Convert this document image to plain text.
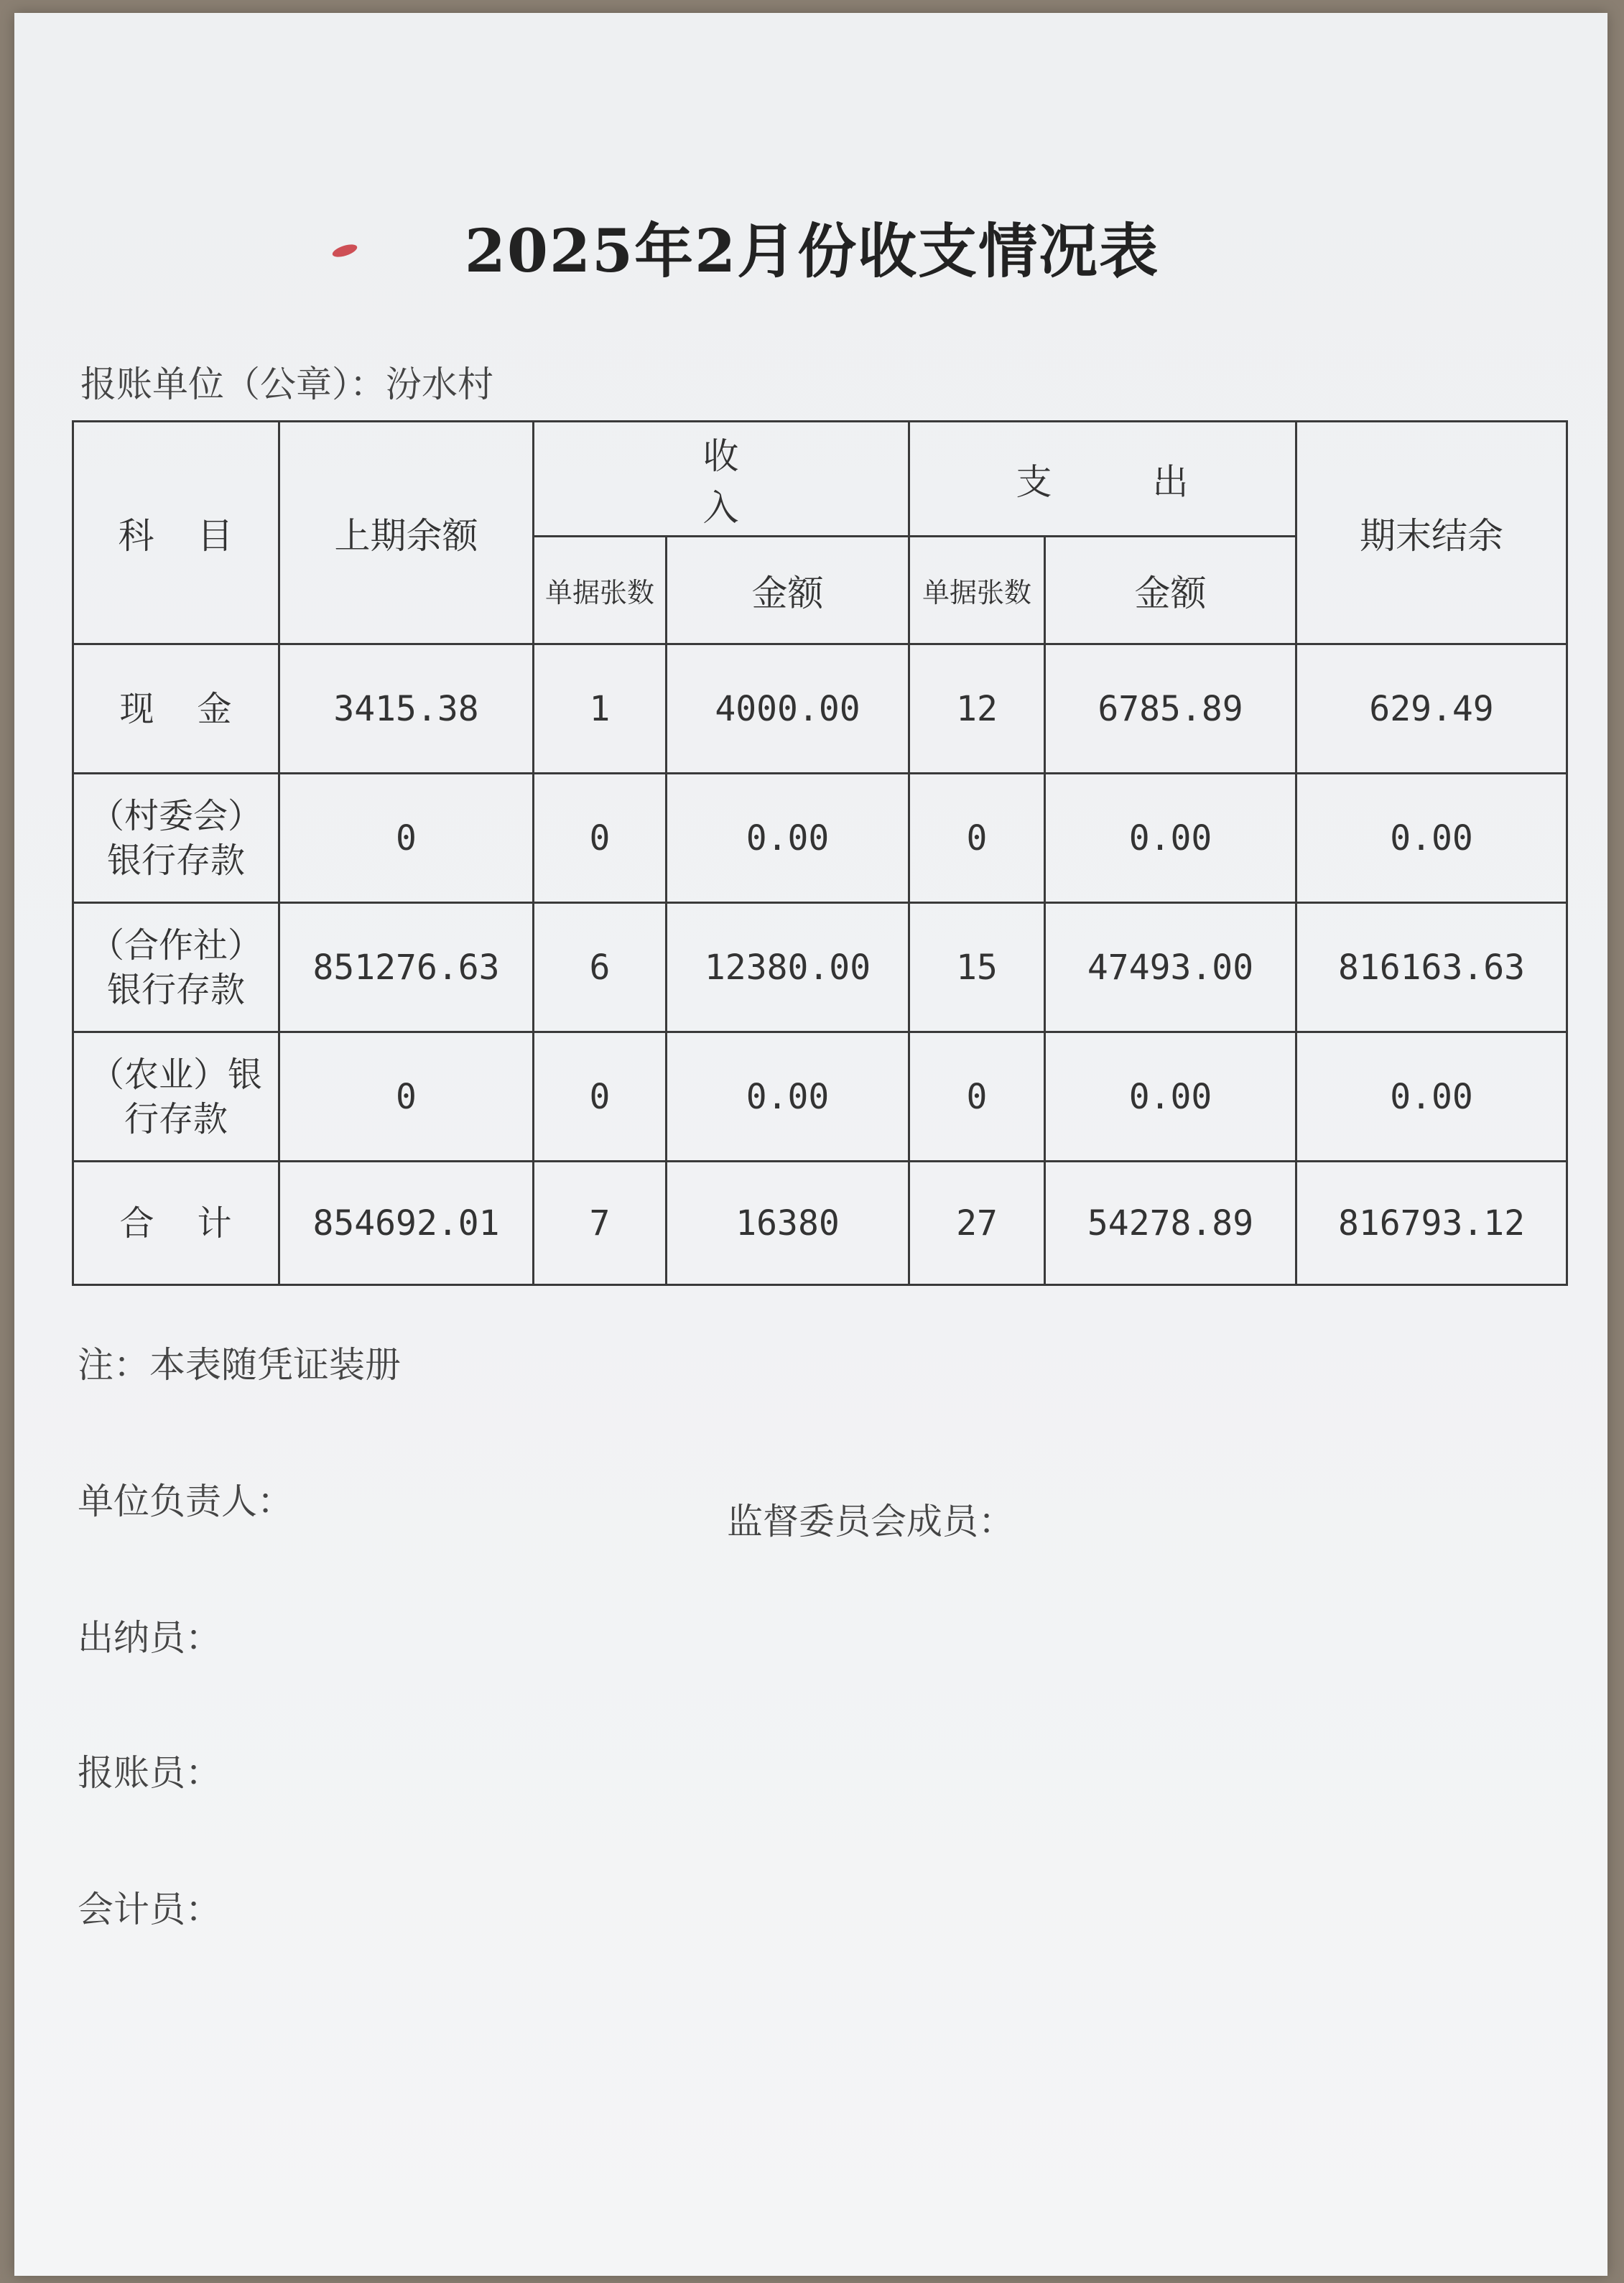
2025年2月份收支情况表
报账单位（公章）：汾水村
科目	上期余额	收入		支出		期末结余
		单据张数	金额	单据张数	金额	
现金	3415.38	1	4000.00	12	6785.89	629.49
（村委会）银行存款	0	0	0.00	0	0.00	0.00
（合作社）银行存款	851276.63	6	12380.00	15	47493.00	816163.63
（农业）银行存款	0	0	0.00	0	0.00	0.00
合计	854692.01	7	16380	27	54278.89	816793.12
注：本表随凭证装册
单位负责人：	监督委员会成员：
出纳员：
报账员：
会计员：
